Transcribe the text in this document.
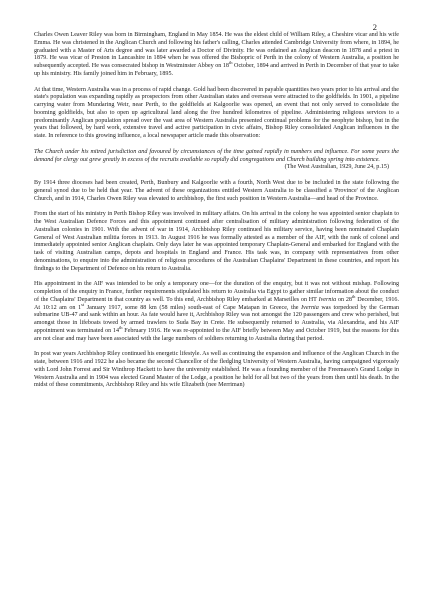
2

Charles Owen Leaver Riley was born in Birmingham, England in May 1854. He was the eldest child of William Riley, a Cheshire vicar and his wife Emma. He was christened in the Anglican Church and following his father's calling, Charles attended Cambridge University from where, in 1894, he graduated with a Master of Arts degree and was later awarded a Doctor of Divinity. He was ordained an Anglican deacon in 1878 and a priest in 1879. He was vicar of Preston in Lancashire in 1894 when he was offered the Bishopric of Perth in the colony of Western Australia, a position he subsequently accepted. He was consecrated bishop in Westminster Abbey on 18th October, 1894 and arrived in Perth in December of that year to take up his ministry. His family joined him in February, 1895.

At that time, Western Australia was in a process of rapid change. Gold had been discovered in payable quantities two years prior to his arrival and the state's population was expanding rapidly as prospectors from other Australian states and overseas were attracted to the goldfields. In 1901, a pipeline carrying water from Mundaring Weir, near Perth, to the goldfields at Kalgoorlie was opened, an event that not only served to consolidate the booming goldfields, but also to open up agricultural land along the five hundred kilometres of pipeline. Administering religious services to a predominantly Anglican population spread over the vast area of Western Australia presented continual problems for the neophyte bishop, but in the years that followed, by hard work, extensive travel and active participation in civic affairs, Bishop Riley consolidated Anglican influences in the state. In reference to this growing influence, a local newspaper article made this observation:

The Church under his mitred jurisdiction and favoured by circumstances of the time gained rapidly in numbers and influence. For some years the demand for clergy out grew greatly in excess of the recruits available so rapidly did congregations and Church building spring into existence.
(The West Australian, 1929, June 24, p.15)

By 1914 three dioceses had been created, Perth, Bunbury and Kalgoorlie with a fourth, North West due to be included in the state following the general synod due to be held that year. The advent of these organizations entitled Western Australia to be classified a 'Province' of the Anglican Church, and in 1914, Charles Owen Riley was elevated to archbishop, the first such position in Western Australia—and head of the Province.

From the start of his ministry in Perth Bishop Riley was involved in military affairs. On his arrival in the colony he was appointed senior chaplain to the West Australian Defence Forces and this appointment continued after centralisation of military administration following federation of the Australian colonies in 1901. With the advent of war in 1914, Archbishop Riley continued his military service, having been nominated Chaplain General of West Australian militia forces in 1913. In August 1916 he was formally attested as a member of the AIF, with the rank of colonel and immediately appointed senior Anglican chaplain. Only days later he was appointed temporary Chaplain-General and embarked for England with the task of visiting Australian camps, depots and hospitals in England and France. His task was, in company with representatives from other denominations, to enquire into the administration of religious procedures of the Australian Chaplains' Department in these countries, and report his findings to the Department of Defence on his return to Australia.

His appointment in the AIF was intended to be only a temporary one—for the duration of the enquiry, but it was not without mishap. Following completion of the enquiry in France, further requirements stipulated his return to Australia via Egypt to gather similar information about the conduct of the Chaplains' Department in that country as well. To this end, Archbishop Riley embarked at Marseilles on HT Ivernia on 28th December, 1916. At 10:12 am on 1st January 1917, some 88 km (58 miles) south-east of Cape Matapan in Greece, the Ivernia was torpedoed by the German submarine UB-47 and sank within an hour. As fate would have it, Archbishop Riley was not amongst the 120 passengers and crew who perished, but amongst those in lifeboats towed by armed trawlers to Suda Bay in Crete. He subsequently returned to Australia, via Alexandria, and his AIF appointment was terminated on 14th February 1916. He was re-appointed to the AIF briefly between May and October 1919, but the reasons for this are not clear and may have been associated with the large numbers of soldiers returning to Australia during that period.

In post war years Archbishop Riley continued his energetic lifestyle. As well as continuing the expansion and influence of the Anglican Church in the state, between 1916 and 1922 he also became the second Chancellor of the fledgling University of Western Australia, having campaigned vigorously with Lord John Forrest and Sir Winthrop Hackett to have the university established. He was a founding member of the Freemason's Grand Lodge in Western Australia and in 1904 was elected Grand Master of the Lodge, a position he held for all but two of the years from then until his death. In the midst of these commitments, Archbishop Riley and his wife Elizabeth (nee Merriman)
